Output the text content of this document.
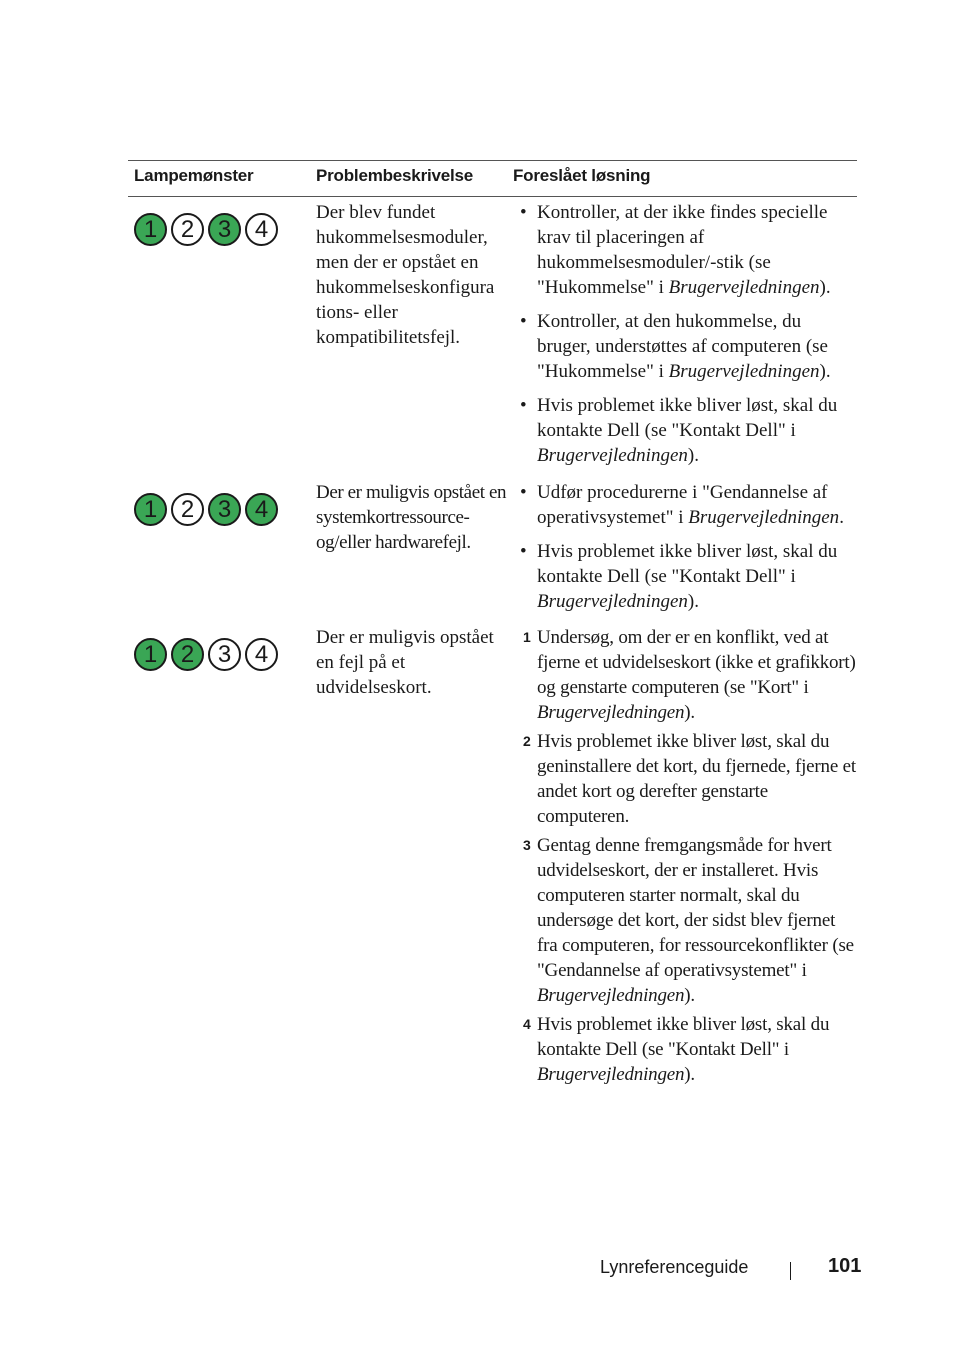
Lampemønster	Problembeskrivelse Foreslået løsning
1 2 3 4
Der blev fundet hukommelsesmoduler, men der er opstået en hukommelseskonfigura tions- eller kompatibilitetsfejl.
• Kontroller, at der ikke findes specielle krav til placeringen af hukommelsesmoduler/-stik (se "Hukommelse" i Brugervejledningen).
• Kontroller, at den hukommelse, du bruger, understøttes af computeren (se "Hukommelse" i Brugervejledningen).
• Hvis problemet ikke bliver løst, skal du kontakte Dell (se "Kontakt Dell" i Brugervejledningen).
1 2 3 4
Der er muligvis opstået en systemkortressource- og/eller hardwarefejl.
• Udfør procedurerne i "Gendannelse af operativsystemet" i Brugervejledningen.
• Hvis problemet ikke bliver løst, skal du kontakte Dell (se "Kontakt Dell" i Brugervejledningen).
1 2 3 4
Der er muligvis opstået en fejl på et udvidelseskort.
1 Undersøg, om der er en konflikt, ved at fjerne et udvidelseskort (ikke et grafikkort) og genstarte computeren (se "Kort" i Brugervejledningen).
2 Hvis problemet ikke bliver løst, skal du geninstallere det kort, du fjernede, fjerne et andet kort og derefter genstarte computeren.
3 Gentag denne fremgangsmåde for hvert udvidelseskort, der er installeret. Hvis computeren starter normalt, skal du undersøge det kort, der sidst blev fjernet fra computeren, for ressourcekonflikter (se "Gendannelse af operativsystemet" i Brugervejledningen).
4 Hvis problemet ikke bliver løst, skal du kontakte Dell (se "Kontakt Dell" i Brugervejledningen).
Lynreferenceguide	101
